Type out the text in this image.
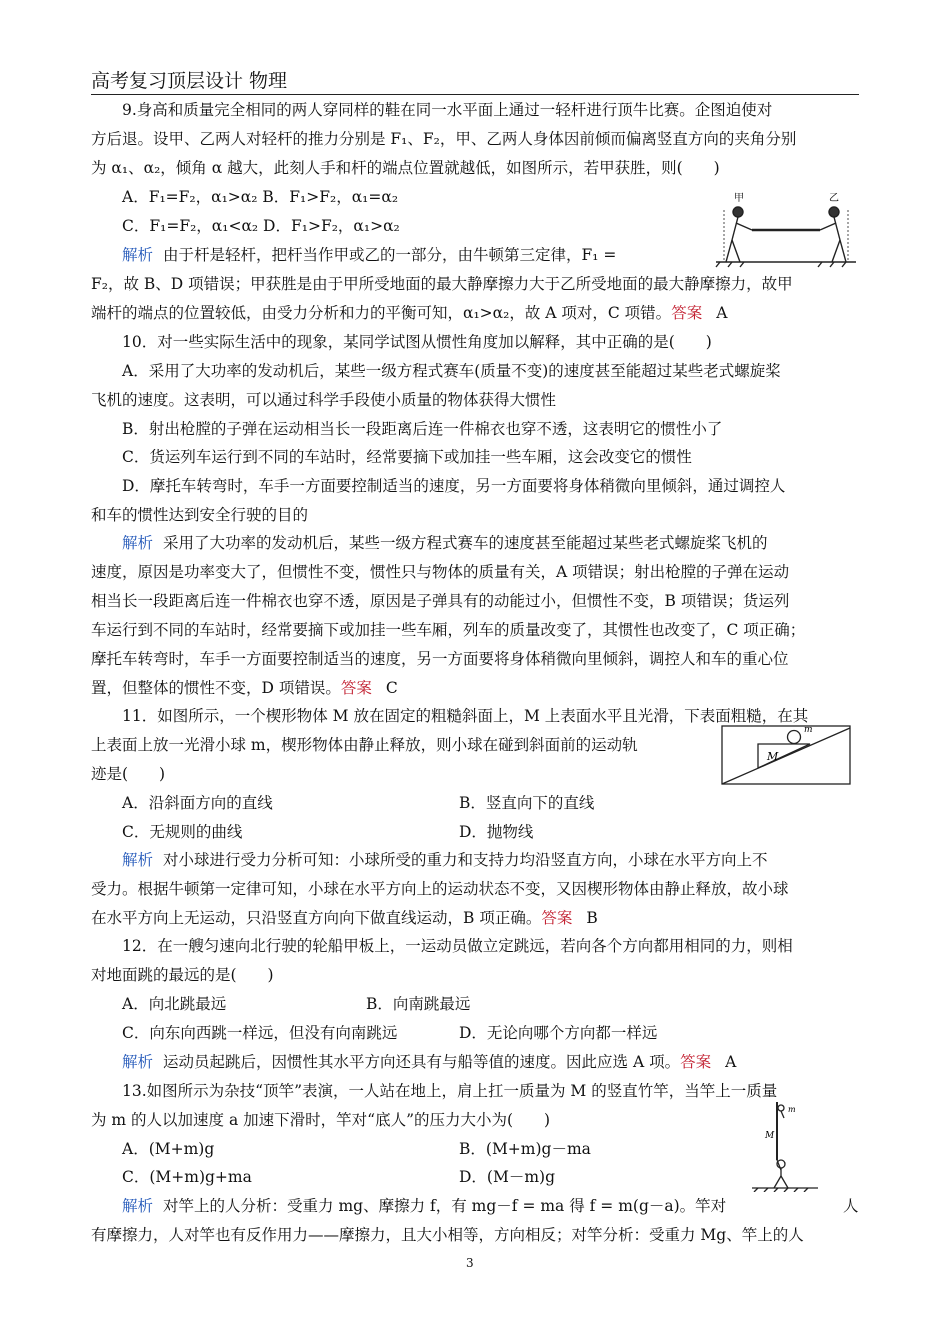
高考复习顶层设计 物理
9.身高和质量完全相同的两人穿同样的鞋在同一水平面上通过一轻杆进行顶牛比赛。企图迫使对
方后退。设甲、乙两人对轻杆的推力分别是 F₁、F₂，甲、乙两人身体因前倾而偏离竖直方向的夹角分别
为 α₁、α₂，倾角 α 越大，此刻人手和杆的端点位置就越低，如图所示，若甲获胜，则(　　)
A．F₁=F₂，α₁>α₂ B．F₁>F₂，α₁=α₂
C．F₁=F₂，α₁<α₂ D．F₁>F₂，α₁>α₂
甲	乙
解析 由于杆是轻杆，把杆当作甲或乙的一部分，由牛顿第三定律，F₁ =
F₂，故 B、D 项错误；甲获胜是由于甲所受地面的最大静摩擦力大于乙所受地面的最大静摩擦力，故甲
端杆的端点的位置较低，由受力分析和力的平衡可知，α₁>α₂，故 A 项对，C 项错。答案 A
10．对一些实际生活中的现象，某同学试图从惯性角度加以解释，其中正确的是(　　)
A．采用了大功率的发动机后，某些一级方程式赛车(质量不变)的速度甚至能超过某些老式螺旋桨
飞机的速度。这表明，可以通过科学手段使小质量的物体获得大惯性
B．射出枪膛的子弹在运动相当长一段距离后连一件棉衣也穿不透，这表明它的惯性小了
C．货运列车运行到不同的车站时，经常要摘下或加挂一些车厢，这会改变它的惯性
D．摩托车转弯时，车手一方面要控制适当的速度，另一方面要将身体稍微向里倾斜，通过调控人
和车的惯性达到安全行驶的目的
解析 采用了大功率的发动机后，某些一级方程式赛车的速度甚至能超过某些老式螺旋桨飞机的
速度，原因是功率变大了，但惯性不变，惯性只与物体的质量有关，A 项错误；射出枪膛的子弹在运动
相当长一段距离后连一件棉衣也穿不透，原因是子弹具有的动能过小，但惯性不变，B 项错误；货运列
车运行到不同的车站时，经常要摘下或加挂一些车厢，列车的质量改变了，其惯性也改变了，C 项正确；
摩托车转弯时，车手一方面要控制适当的速度，另一方面要将身体稍微向里倾斜，调控人和车的重心位
置，但整体的惯性不变，D 项错误。答案 C
11．如图所示，一个楔形物体 M 放在固定的粗糙斜面上，M 上表面水平且光滑，下表面粗糙，在其
上表面上放一光滑小球 m，楔形物体由静止释放，则小球在碰到斜面前的运动轨
迹是(　　)
M
m
A．沿斜面方向的直线	B．竖直向下的直线
C．无规则的曲线	D．抛物线
解析 对小球进行受力分析可知：小球所受的重力和支持力均沿竖直方向，小球在水平方向上不
受力。根据牛顿第一定律可知，小球在水平方向上的运动状态不变，又因楔形物体由静止释放，故小球
在水平方向上无运动，只沿竖直方向向下做直线运动，B 项正确。答案 B
12．在一艘匀速向北行驶的轮船甲板上，一运动员做立定跳远，若向各个方向都用相同的力，则相
对地面跳的最远的是(　　)
A．向北跳最远	B．向南跳最远
C．向东向西跳一样远，但没有向南跳远	D．无论向哪个方向都一样远
解析 运动员起跳后，因惯性其水平方向还具有与船等值的速度。因此应选 A 项。答案 A
13.如图所示为杂技“顶竿”表演，一人站在地上，肩上扛一质量为 M 的竖直竹竿，当竿上一质量
为 m 的人以加速度 a 加速下滑时，竿对“底人”的压力大小为(　　)
M
m
A．(M+m)g	B．(M+m)g－ma
C．(M+m)g+ma	D．(M－m)g
解析 对竿上的人分析：受重力 mg、摩擦力 f，有 mg－f = ma 得 f = m(g－a)。竿对	人
有摩擦力，人对竿也有反作用力——摩擦力，且大小相等，方向相反；对竿分析：受重力 Mg、竿上的人
3
